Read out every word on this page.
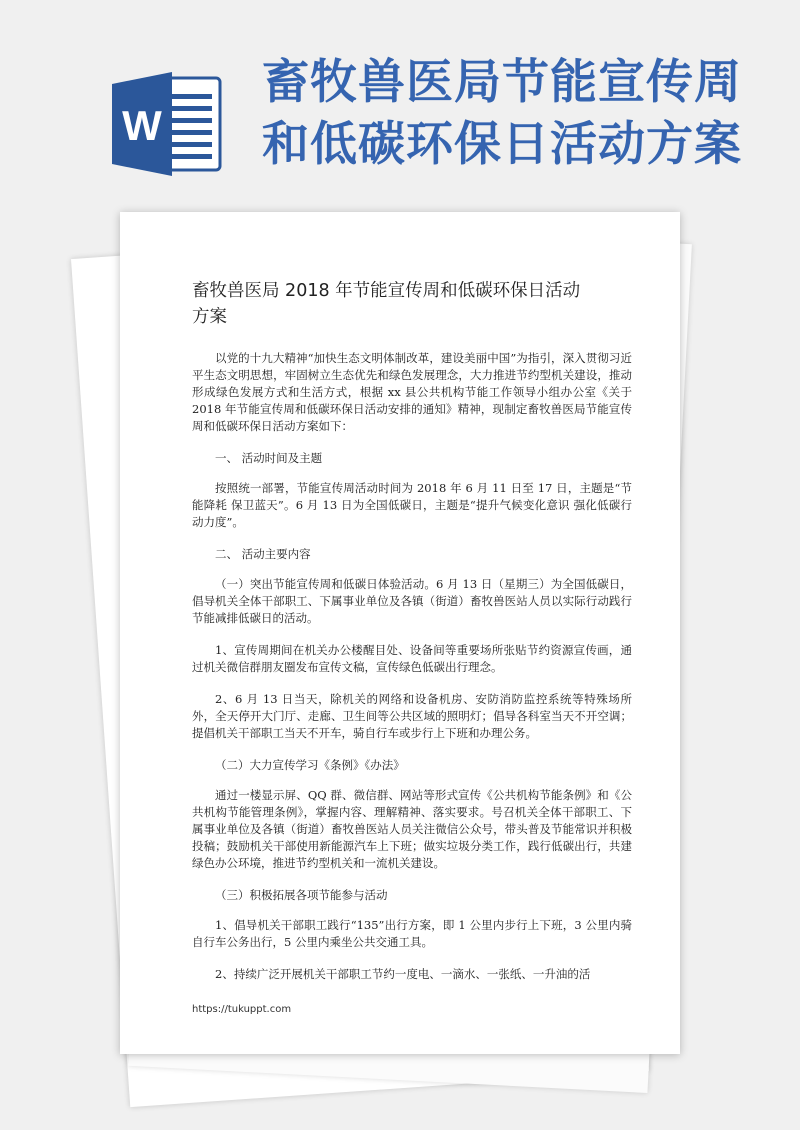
W
畜牧兽医局节能宣传周
和低碳环保日活动方案
畜牧兽医局 2018 年节能宣传周和低碳环保日活动
方案

以党的十九大精神“加快生态文明体制改革，建设美丽中国”为指引，深入贯彻习近平生态文明思想，牢固树立生态优先和绿色发展理念，大力推进节约型机关建设，推动形成绿色发展方式和生活方式，根据 xx 县公共机构节能工作领导小组办公室《关于 2018 年节能宣传周和低碳环保日活动安排的通知》精神，现制定畜牧兽医局节能宣传周和低碳环保日活动方案如下：

一、 活动时间及主题

按照统一部署，节能宣传周活动时间为 2018 年 6 月 11 日至 17 日，主题是“节能降耗 保卫蓝天”。6 月 13 日为全国低碳日，主题是“提升气候变化意识 强化低碳行动力度”。

二、 活动主要内容

（一）突出节能宣传周和低碳日体验活动。6 月 13 日（星期三）为全国低碳日，倡导机关全体干部职工、下属事业单位及各镇（街道）畜牧兽医站人员以实际行动践行节能减排低碳日的活动。

1、宣传周期间在机关办公楼醒目处、设备间等重要场所张贴节约资源宣传画，通过机关微信群朋友圈发布宣传文稿，宣传绿色低碳出行理念。

2、6 月 13 日当天，除机关的网络和设备机房、安防消防监控系统等特殊场所外，全天停开大门厅、走廊、卫生间等公共区域的照明灯；倡导各科室当天不开空调；提倡机关干部职工当天不开车，骑自行车或步行上下班和办理公务。

（二）大力宣传学习《条例》《办法》

通过一楼显示屏、QQ 群、微信群、网站等形式宣传《公共机构节能条例》和《公共机构节能管理条例》，掌握内容、理解精神、落实要求。号召机关全体干部职工、下属事业单位及各镇（街道）畜牧兽医站人员关注微信公众号，带头普及节能常识并积极投稿；鼓励机关干部使用新能源汽车上下班；做实垃圾分类工作，践行低碳出行，共建绿色办公环境，推进节约型机关和一流机关建设。

（三）积极拓展各项节能参与活动

1、倡导机关干部职工践行“135”出行方案，即 1 公里内步行上下班，3 公里内骑自行车公务出行，5 公里内乘坐公共交通工具。

2、持续广泛开展机关干部职工节约一度电、一滴水、一张纸、一升油的活

https://tukuppt.com
